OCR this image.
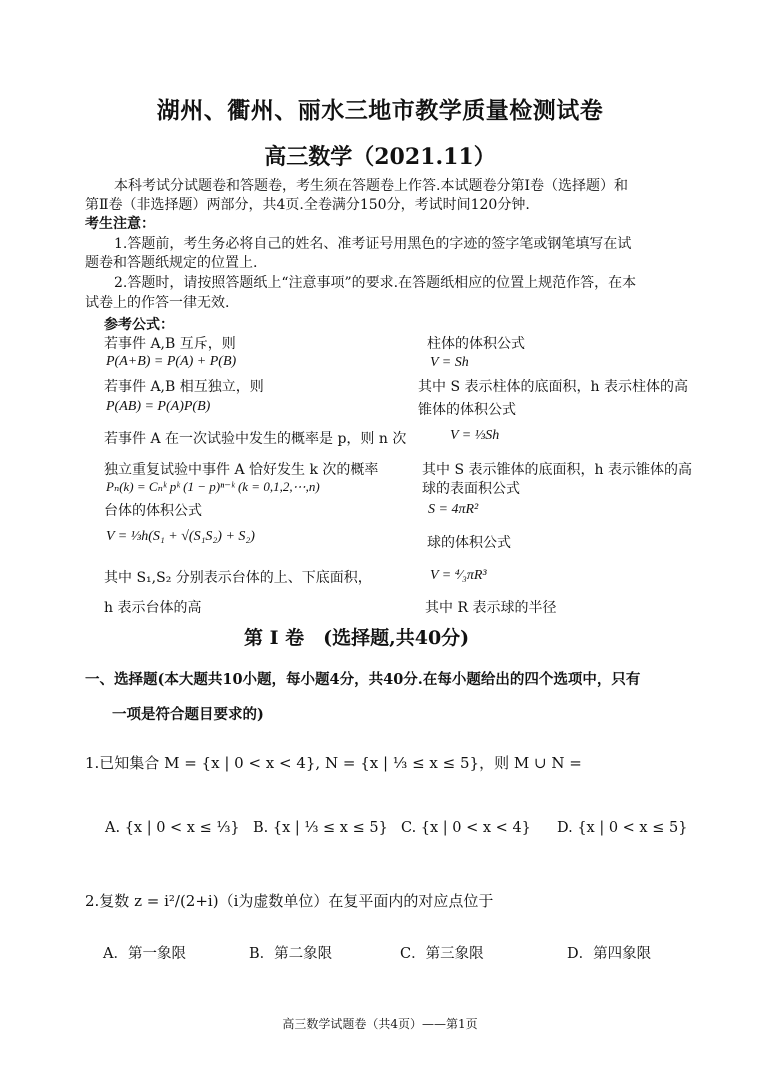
湖州、衢州、丽水三地市教学质量检测试卷
高三数学（2021.11）
本科考试分试题卷和答题卷，考生须在答题卷上作答.本试题卷分第Ⅰ卷（选择题）和
第Ⅱ卷（非选择题）两部分，共4页.全卷满分150分，考试时间120分钟.
考生注意：
1.答题前，考生务必将自己的姓名、准考证号用黑色的字迹的签字笔或钢笔填写在试
题卷和答题纸规定的位置上.
2.答题时，请按照答题纸上“注意事项”的要求.在答题纸相应的位置上规范作答，在本
试卷上的作答一律无效.
参考公式：
若事件 A,B 互斥，则
P(A+B) = P(A) + P(B)
若事件 A,B 相互独立，则
P(AB) = P(A)P(B)
若事件 A 在一次试验中发生的概率是 p，则 n 次
独立重复试验中事件 A 恰好发生 k 次的概率
Pₙ(k) = Cₙᵏ pᵏ (1 − p)ⁿ⁻ᵏ (k = 0,1,2,⋯,n)
台体的体积公式
V = ⅓h(S₁ + √(S₁S₂) + S₂)
其中 S₁,S₂ 分别表示台体的上、下底面积，
h 表示台体的高
柱体的体积公式
V = Sh
其中 S 表示柱体的底面积，h 表示柱体的高
锥体的体积公式
V = ⅓Sh
其中 S 表示锥体的底面积，h 表示锥体的高
球的表面积公式
S = 4πR²
球的体积公式
V = ⁴⁄₃πR³
其中 R 表示球的半径
第 Ⅰ 卷　(选择题,共40分)
一、选择题(本大题共10小题，每小题4分，共40分.在每小题给出的四个选项中，只有
一项是符合题目要求的)
1.已知集合 M = {x | 0 < x < 4}, N = {x | ⅓ ≤ x ≤ 5}，则 M ∪ N =
A. {x | 0 < x ≤ ⅓} B. {x | ⅓ ≤ x ≤ 5} C. {x | 0 < x < 4} D. {x | 0 < x ≤ 5}
2.复数 z = i²/(2+i)（i为虚数单位）在复平面内的对应点位于
A．第一象限	B．第二象限	C．第三象限	D．第四象限
高三数学试题卷（共4页）——第1页
